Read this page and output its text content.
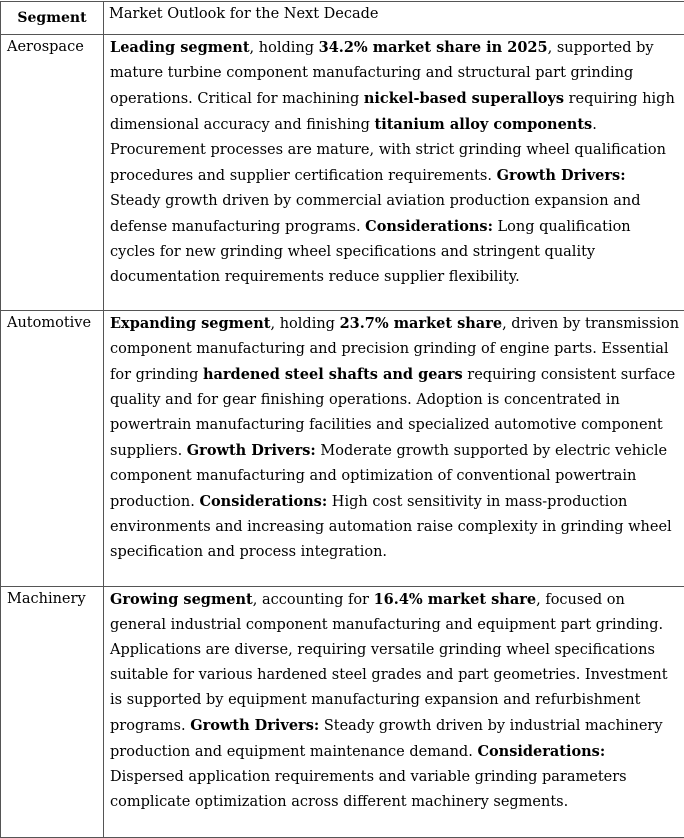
Segment	Market Outlook for the Next Decade
Aerospace	Leading segment, holding 34.2% market share in 2025, supported by mature turbine component manufacturing and structural part grinding operations. Critical for machining nickel-based superalloys requiring high dimensional accuracy and finishing titanium alloy components. Procurement processes are mature, with strict grinding wheel qualification procedures and supplier certification requirements. Growth Drivers: Steady growth driven by commercial aviation production expansion and defense manufacturing programs. Considerations: Long qualification cycles for new grinding wheel specifications and stringent quality documentation requirements reduce supplier flexibility.
Automotive	Expanding segment, holding 23.7% market share, driven by transmission component manufacturing and precision grinding of engine parts. Essential for grinding hardened steel shafts and gears requiring consistent surface quality and for gear finishing operations. Adoption is concentrated in powertrain manufacturing facilities and specialized automotive component suppliers. Growth Drivers: Moderate growth supported by electric vehicle component manufacturing and optimization of conventional powertrain production. Considerations: High cost sensitivity in mass-production environments and increasing automation raise complexity in grinding wheel specification and process integration.
Machinery	Growing segment, accounting for 16.4% market share, focused on general industrial component manufacturing and equipment part grinding. Applications are diverse, requiring versatile grinding wheel specifications suitable for various hardened steel grades and part geometries. Investment is supported by equipment manufacturing expansion and refurbishment programs. Growth Drivers: Steady growth driven by industrial machinery production and equipment maintenance demand. Considerations: Dispersed application requirements and variable grinding parameters complicate optimization across different machinery segments.
